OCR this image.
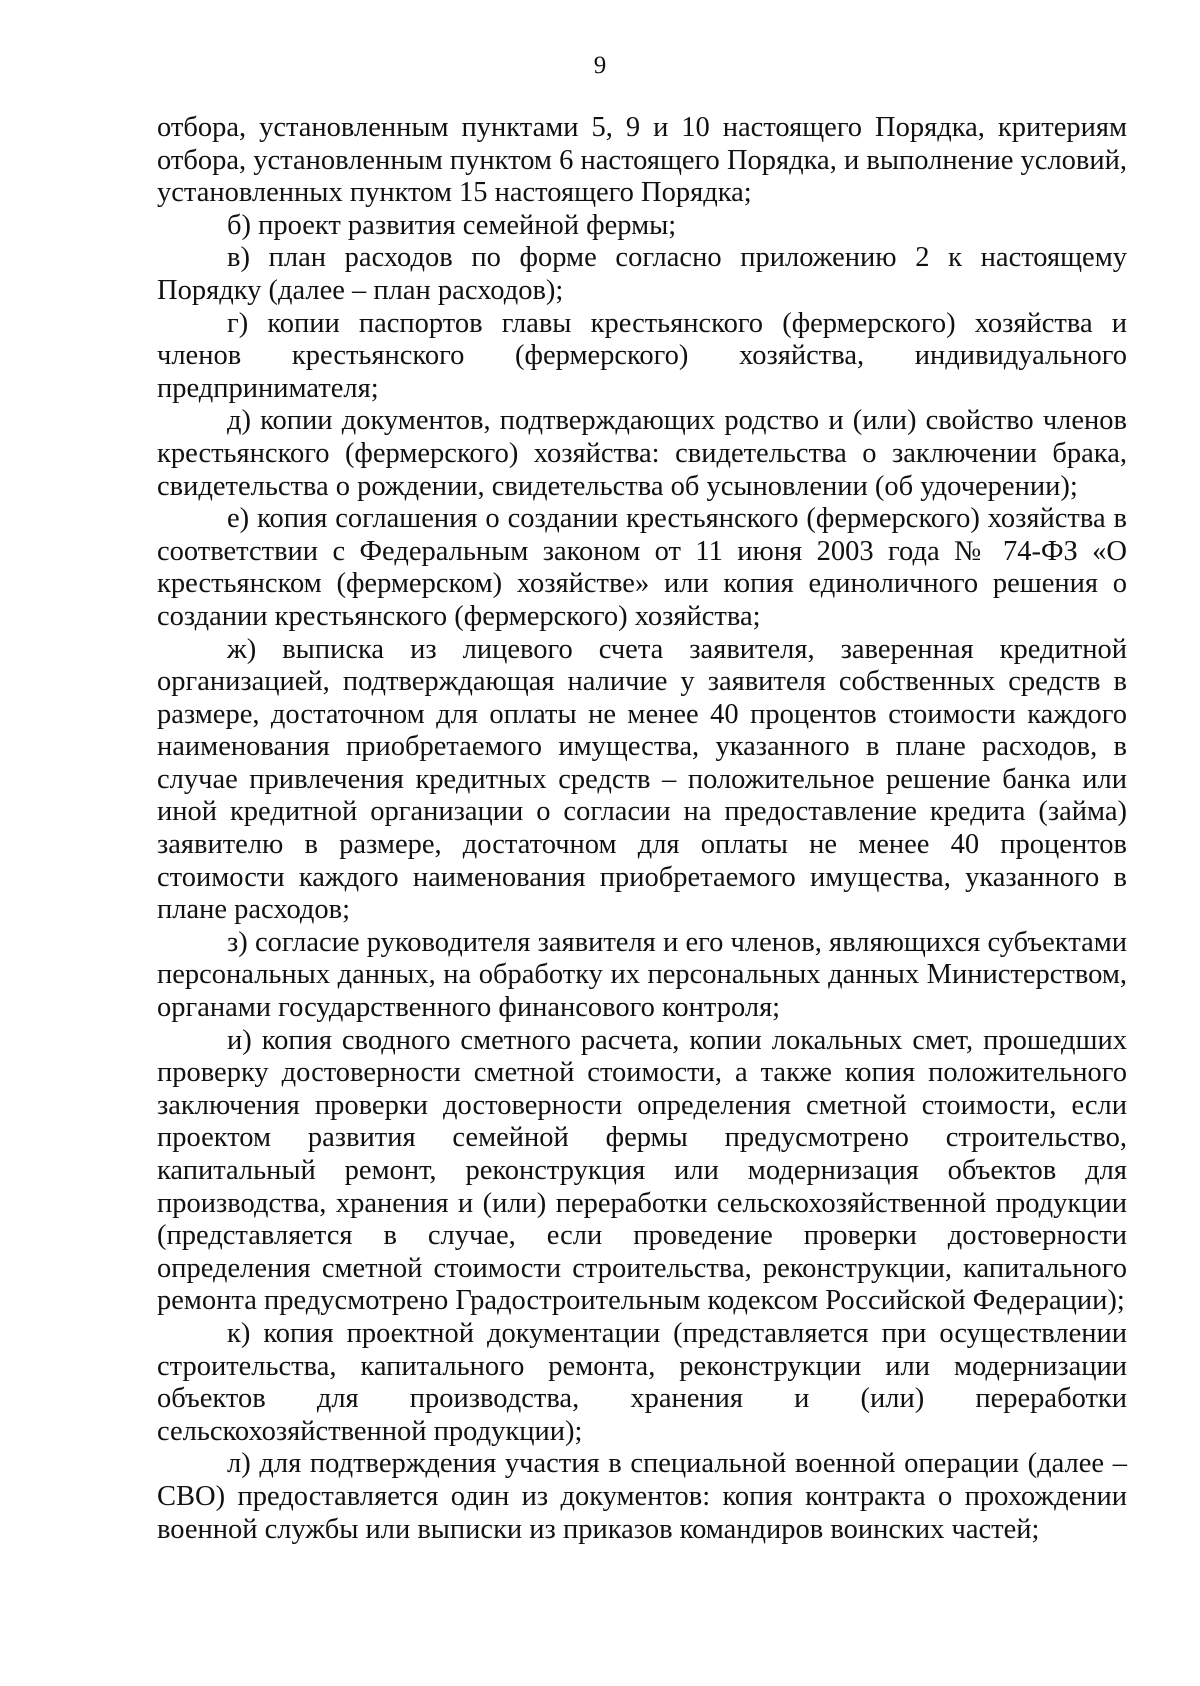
9

отбора, установленным пунктами 5, 9 и 10 настоящего Порядка, критериям отбора, установленным пунктом 6 настоящего Порядка, и выполнение условий, установленных пунктом 15 настоящего Порядка;

б) проект развития семейной фермы;

в) план расходов по форме согласно приложению 2 к настоящему Порядку (далее – план расходов);

г) копии паспортов главы крестьянского (фермерского) хозяйства и членов крестьянского (фермерского) хозяйства, индивидуального предпринимателя;

д) копии документов, подтверждающих родство и (или) свойство членов крестьянского (фермерского) хозяйства: свидетельства о заключении брака, свидетельства о рождении, свидетельства об усыновлении (об удочерении);

е) копия соглашения о создании крестьянского (фермерского) хозяйства в соответствии с Федеральным законом от 11 июня 2003 года № 74-ФЗ «О крестьянском (фермерском) хозяйстве» или копия единоличного решения о создании крестьянского (фермерского) хозяйства;

ж) выписка из лицевого счета заявителя, заверенная кредитной организацией, подтверждающая наличие у заявителя собственных средств в размере, достаточном для оплаты не менее 40 процентов стоимости каждого наименования приобретаемого имущества, указанного в плане расходов, в случае привлечения кредитных средств – положительное решение банка или иной кредитной организации о согласии на предоставление кредита (займа) заявителю в размере, достаточном для оплаты не менее 40 процентов стоимости каждого наименования приобретаемого имущества, указанного в плане расходов;

з) согласие руководителя заявителя и его членов, являющихся субъектами персональных данных, на обработку их персональных данных Министерством, органами государственного финансового контроля;

и) копия сводного сметного расчета, копии локальных смет, прошедших проверку достоверности сметной стоимости, а также копия положительного заключения проверки достоверности определения сметной стоимости, если проектом развития семейной фермы предусмотрено строительство, капитальный ремонт, реконструкция или модернизация объектов для производства, хранения и (или) переработки сельскохозяйственной продукции (представляется в случае, если проведение проверки достоверности определения сметной стоимости строительства, реконструкции, капитального ремонта предусмотрено Градостроительным кодексом Российской Федерации);

к) копия проектной документации (представляется при осуществлении строительства, капитального ремонта, реконструкции или модернизации объектов для производства, хранения и (или) переработки сельскохозяйственной продукции);

л) для подтверждения участия в специальной военной операции (далее – СВО) предоставляется один из документов: копия контракта о прохождении военной службы или выписки из приказов командиров воинских частей;
